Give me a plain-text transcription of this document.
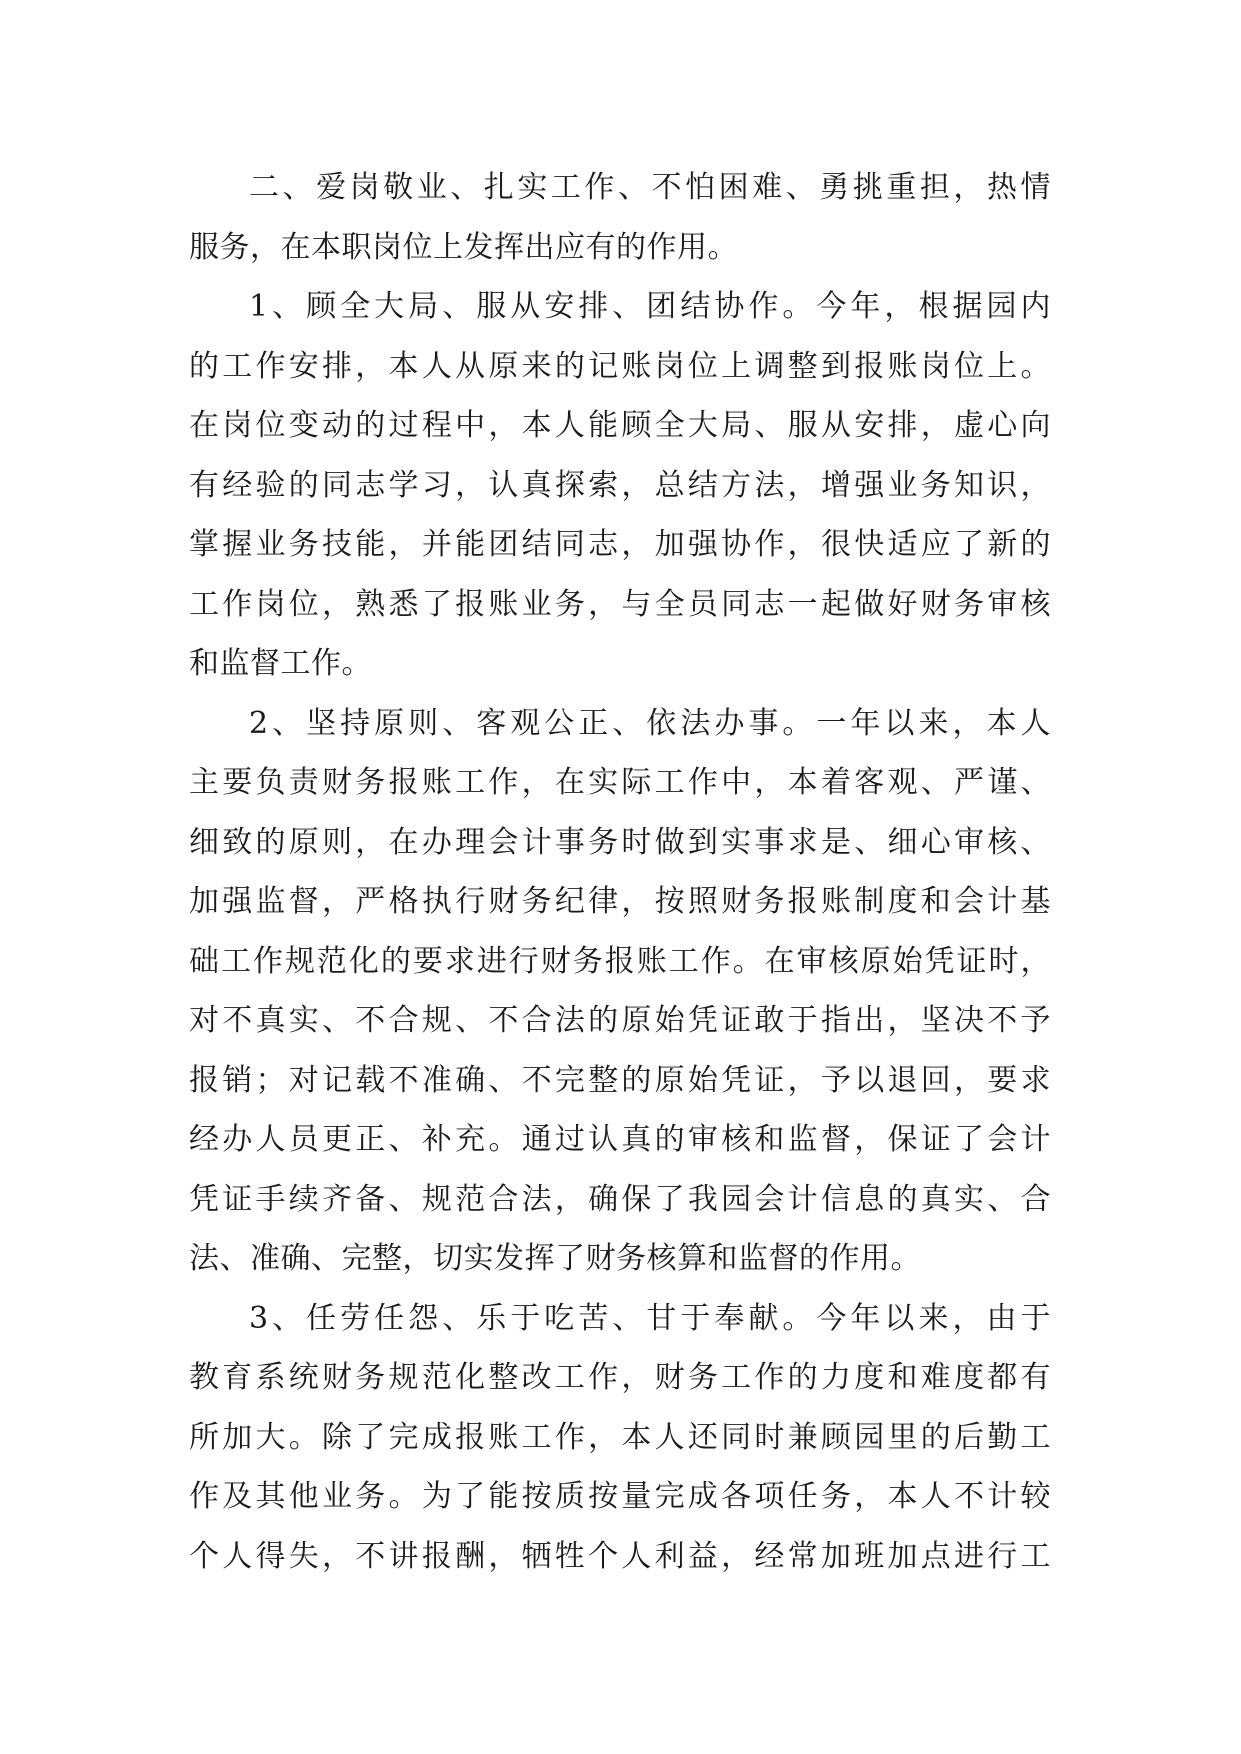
二、爱岗敬业、扎实工作、不怕困难、勇挑重担，热情
服务，在本职岗位上发挥出应有的作用。
1、顾全大局、服从安排、团结协作。今年，根据园内
的工作安排，本人从原来的记账岗位上调整到报账岗位上。
在岗位变动的过程中，本人能顾全大局、服从安排，虚心向
有经验的同志学习，认真探索，总结方法，增强业务知识，
掌握业务技能，并能团结同志，加强协作，很快适应了新的
工作岗位，熟悉了报账业务，与全员同志一起做好财务审核
和监督工作。
2、坚持原则、客观公正、依法办事。一年以来，本人
主要负责财务报账工作，在实际工作中，本着客观、严谨、
细致的原则，在办理会计事务时做到实事求是、细心审核、
加强监督，严格执行财务纪律，按照财务报账制度和会计基
础工作规范化的要求进行财务报账工作。在审核原始凭证时，
对不真实、不合规、不合法的原始凭证敢于指出，坚决不予
报销；对记载不准确、不完整的原始凭证，予以退回，要求
经办人员更正、补充。通过认真的审核和监督，保证了会计
凭证手续齐备、规范合法，确保了我园会计信息的真实、合
法、准确、完整，切实发挥了财务核算和监督的作用。
3、任劳任怨、乐于吃苦、甘于奉献。今年以来，由于
教育系统财务规范化整改工作，财务工作的力度和难度都有
所加大。除了完成报账工作，本人还同时兼顾园里的后勤工
作及其他业务。为了能按质按量完成各项任务，本人不计较
个人得失，不讲报酬，牺牲个人利益，经常加班加点进行工
